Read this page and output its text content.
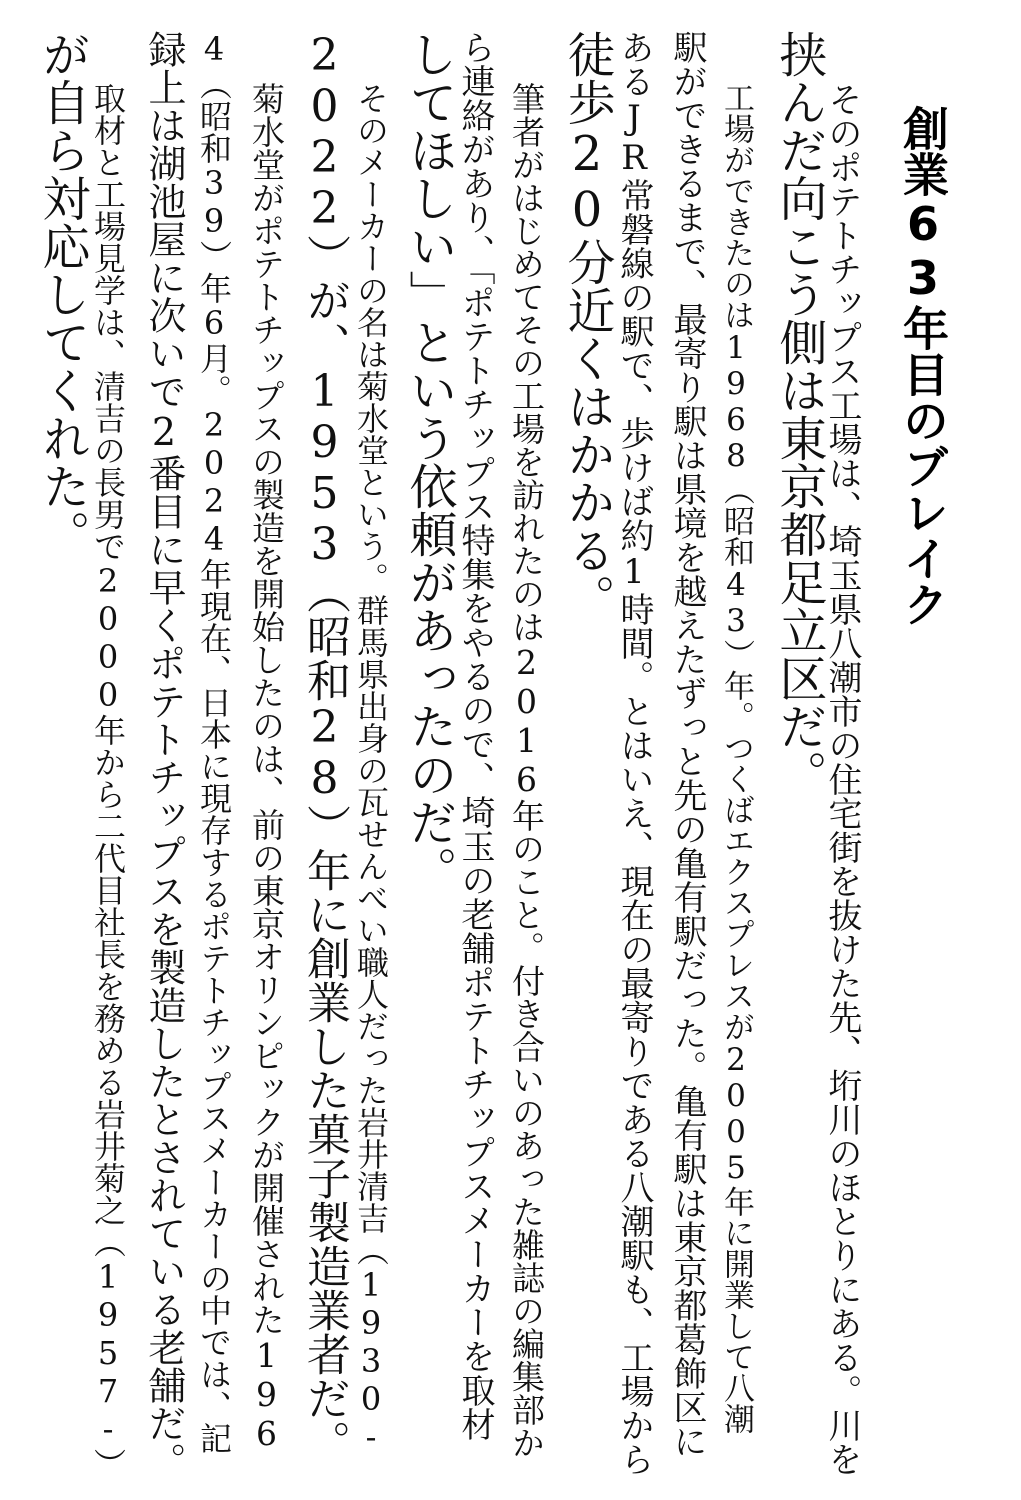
創業63年目のブレイク
そのポテトチップス工場は、埼玉県八潮市の住宅街を抜けた先、垳川のほとりにある。川を
挟んだ向こう側は東京都足立区だ。
工場ができたのは1968（昭和43）年。つくばエクスプレスが2005年に開業して八潮
駅ができるまで、最寄り駅は県境を越えたずっと先の亀有駅だった。亀有駅は東京都葛飾区に
あるJR常磐線の駅で、歩けば約1時間。とはいえ、現在の最寄りである八潮駅も、工場から
徒歩20分近くはかかる。
筆者がはじめてその工場を訪れたのは2016年のこと。付き合いのあった雑誌の編集部か
ら連絡があり、「ポテトチップス特集をやるので、埼玉の老舗ポテトチップスメーカーを取材
してほしい」という依頼があったのだ。
そのメーカーの名は菊水堂という。群馬県出身の瓦せんべい職人だった岩井清吉（1930-
2022）が、1953（昭和28）年に創業した菓子製造業者だ。
菊水堂がポテトチップスの製造を開始したのは、前の東京オリンピックが開催された196
4（昭和39）年6月。2024年現在、日本に現存するポテトチップスメーカーの中では、記
録上は湖池屋に次いで2番目に早くポテトチップスを製造したとされている老舗だ。
取材と工場見学は、清吉の長男で2000年から二代目社長を務める岩井菊之（1957-）
が自ら対応してくれた。
